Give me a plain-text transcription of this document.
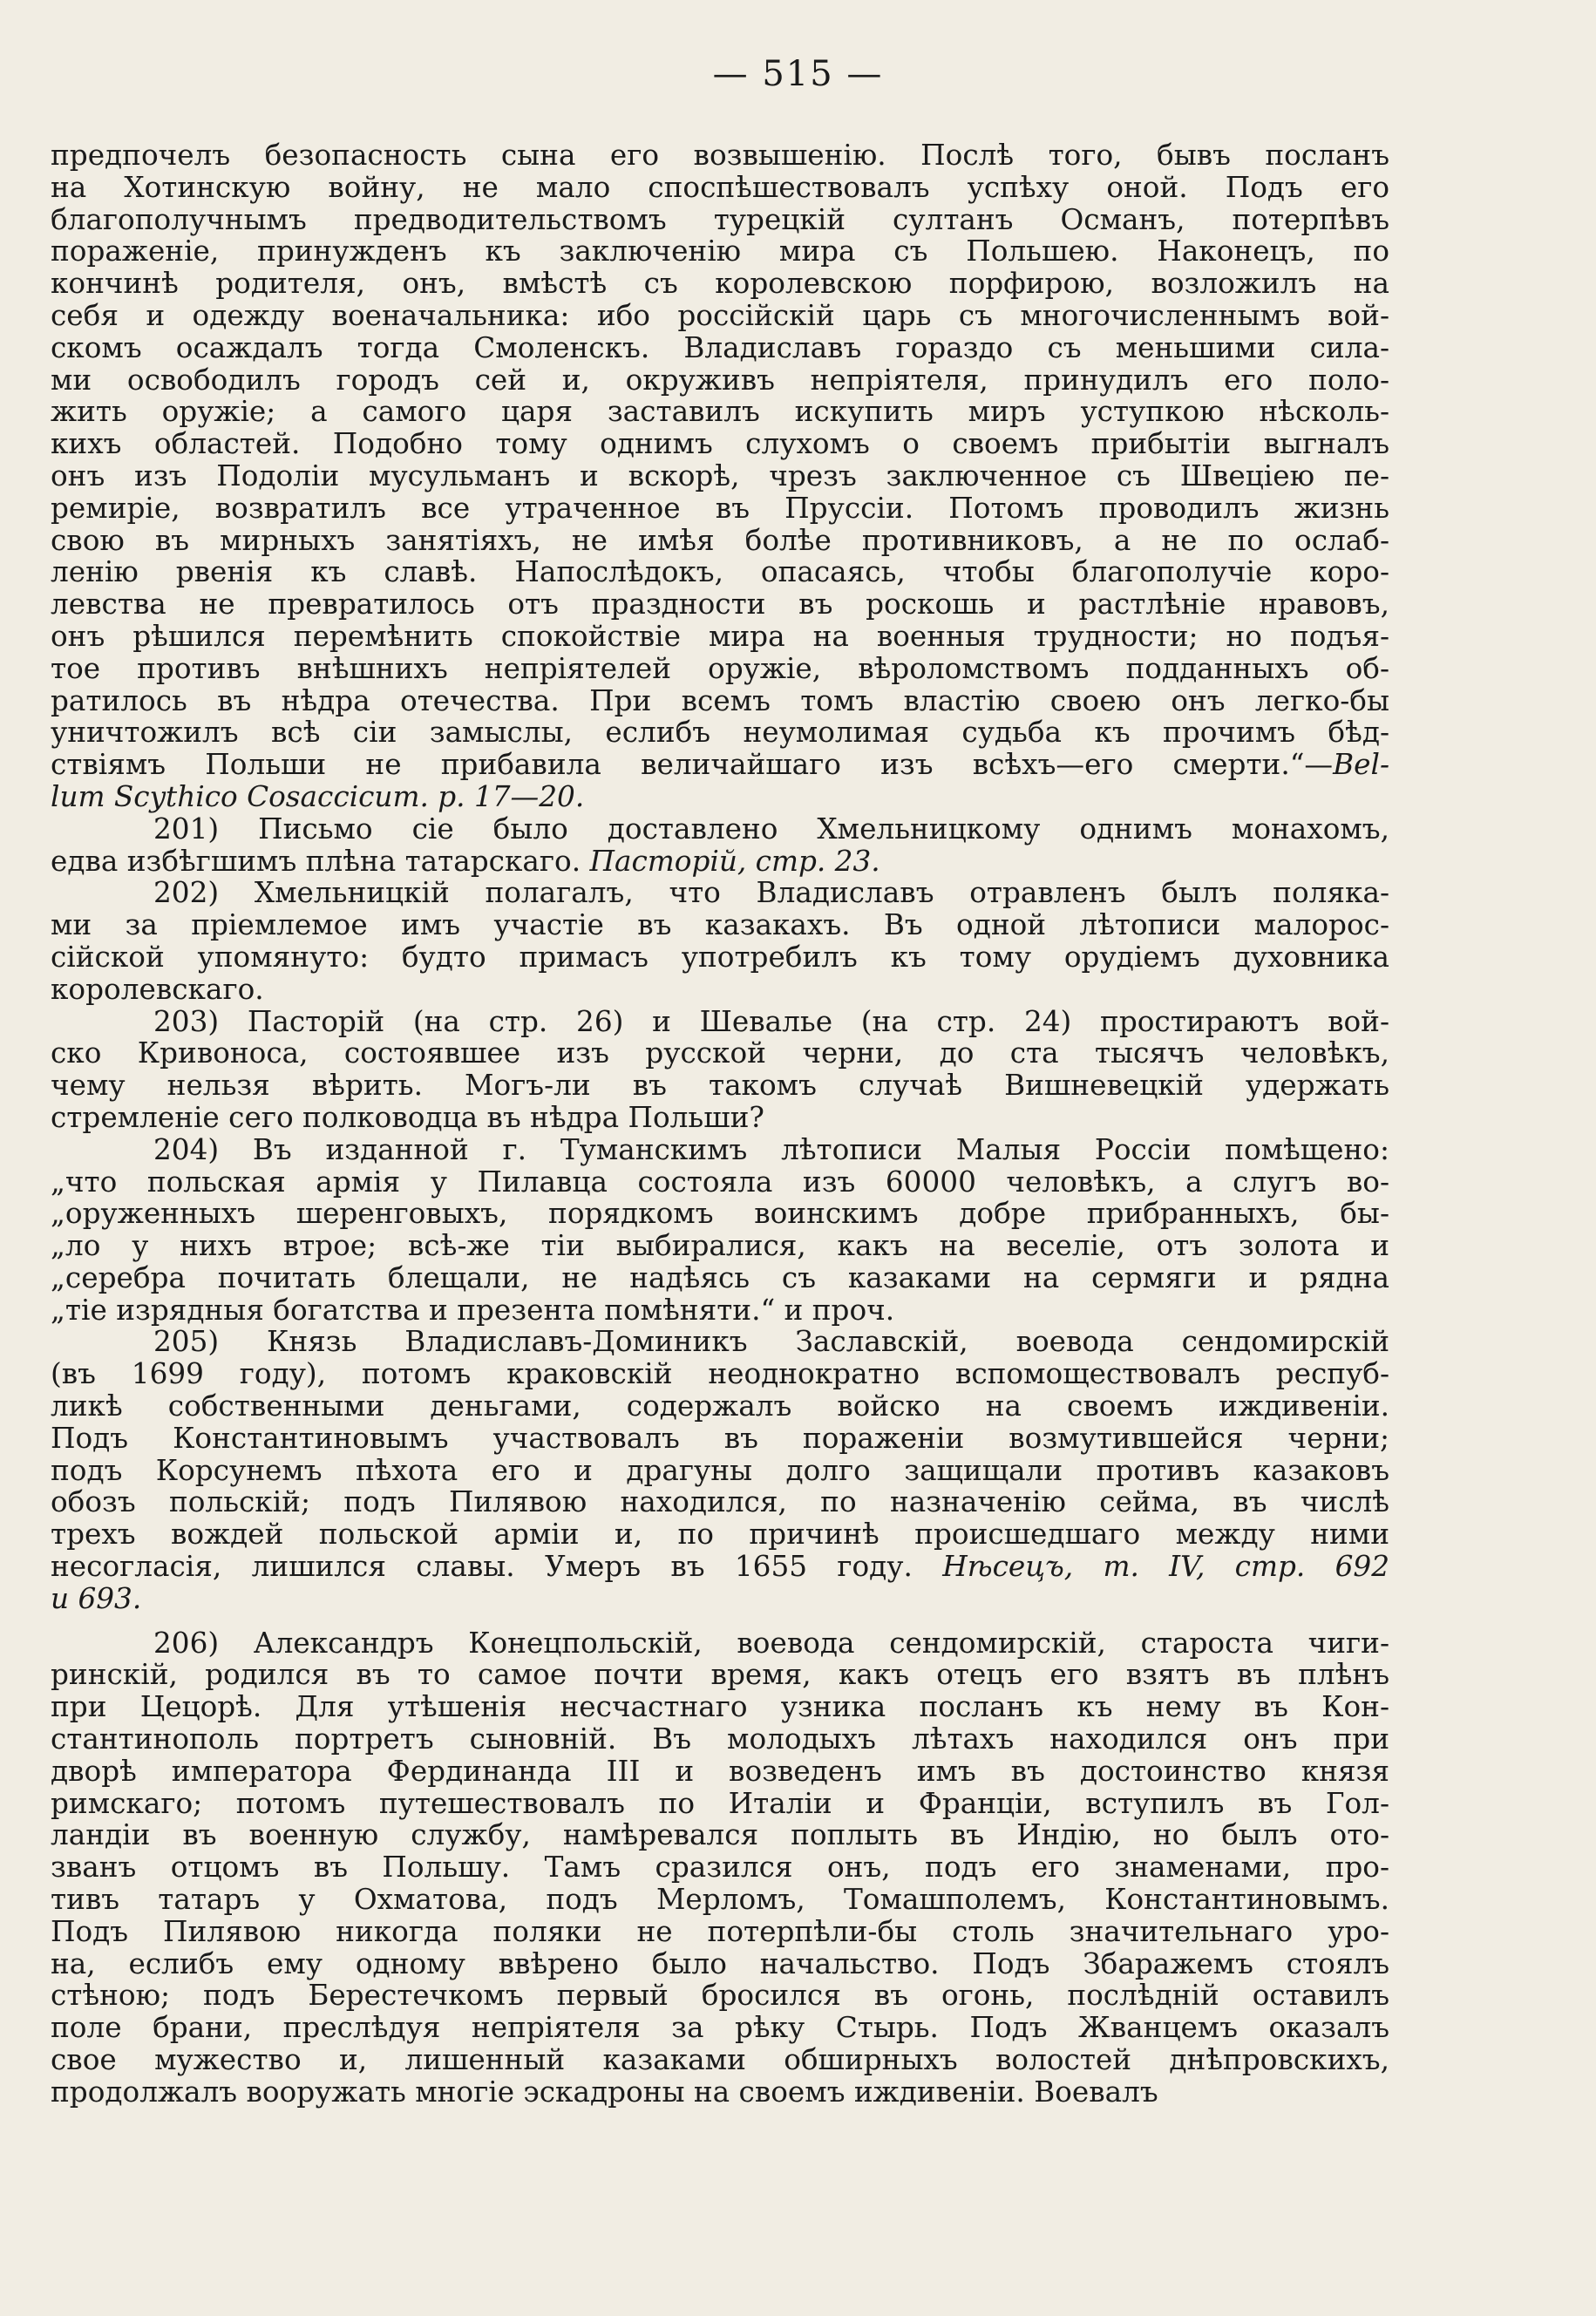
— 515 —
предпочелъ безопасность сына его возвышенію. Послѣ того, бывъ посланъ
на Хотинскую войну, не мало споспѣшествовалъ успѣху оной. Подъ его
благополучнымъ предводительствомъ турецкій султанъ Османъ, потерпѣвъ
пораженіе, принужденъ къ заключенію мира съ Польшею. Наконецъ, по
кончинѣ родителя, онъ, вмѣстѣ съ королевскою порфирою, возложилъ на
себя и одежду военачальника: ибо россійскій царь съ многочисленнымъ вой-
скомъ осаждалъ тогда Смоленскъ. Владиславъ гораздо съ меньшими сила-
ми освободилъ городъ сей и, окруживъ непріятеля, принудилъ его поло-
жить оружіе; а самого царя заставилъ искупить миръ уступкою нѣсколь-
кихъ областей. Подобно тому однимъ слухомъ о своемъ прибытіи выгналъ
онъ изъ Подоліи мусульманъ и вскорѣ, чрезъ заключенное съ Швеціею пе-
ремиріе, возвратилъ все утраченное въ Пруссіи. Потомъ проводилъ жизнь
свою въ мирныхъ занятіяхъ, не имѣя болѣе противниковъ, а не по ослаб-
ленію рвенія къ славѣ. Напослѣдокъ, опасаясь, чтобы благополучіе коро-
левства не превратилось отъ праздности въ роскошь и растлѣніе нравовъ,
онъ рѣшился перемѣнить спокойствіе мира на военныя трудности; но подъя-
тое противъ внѣшнихъ непріятелей оружіе, вѣроломствомъ подданныхъ об-
ратилось въ нѣдра отечества. При всемъ томъ властію своею онъ легко-бы
уничтожилъ всѣ сіи замыслы, еслибъ неумолимая судьба къ прочимъ бѣд-
ствіямъ Польши не прибавила величайшаго изъ всѣхъ—его смерти.“—Bel-
lum Scythico Cosaccicum. p. 17—20.
201) Письмо сіе было доставлено Хмельницкому однимъ монахомъ,
едва избѣгшимъ плѣна татарскаго. Пасторій, стр. 23.
202) Хмельницкій полагалъ, что Владиславъ отравленъ былъ поляка-
ми за пріемлемое имъ участіе въ казакахъ. Въ одной лѣтописи малорос-
сійской упомянуто: будто примасъ употребилъ къ тому орудіемъ духовника
королевскаго.
203) Пасторій (на стр. 26) и Шевалье (на стр. 24) простираютъ вой-
ско Кривоноса, состоявшее изъ русской черни, до ста тысячъ человѣкъ,
чему нельзя вѣрить. Могъ-ли въ такомъ случаѣ Вишневецкій удержать
стремленіе сего полководца въ нѣдра Польши?
204) Въ изданной г. Туманскимъ лѣтописи Малыя Россіи помѣщено:
„что польская армія у Пилавца состояла изъ 60000 человѣкъ, а слугъ во-
„оруженныхъ шеренговыхъ, порядкомъ воинскимъ добре прибранныхъ, бы-
„ло у нихъ втрое; всѣ-же тіи выбиралися, какъ на веселіе, отъ золота и
„серебра почитать блещали, не надѣясь съ казаками на сермяги и рядна
„тіе изрядныя богатства и презента помѣняти.“ и проч.
205) Князь Владиславъ-Доминикъ Заславскій, воевода сендомирскій
(въ 1699 году), потомъ краковскій неоднократно вспомоществовалъ респуб-
ликѣ собственными деньгами, содержалъ войско на своемъ иждивеніи.
Подъ Константиновымъ участвовалъ въ пораженіи возмутившейся черни;
подъ Корсунемъ пѣхота его и драгуны долго защищали противъ казаковъ
обозъ польскій; подъ Пилявою находился, по назначенію сейма, въ числѣ
трехъ вождей польской арміи и, по причинѣ происшедшаго между ними
несогласія, лишился славы. Умеръ въ 1655 году. Нѣсецъ, т. IV, стр. 692
и 693.
206) Александръ Конецпольскій, воевода сендомирскій, староста чиги-
ринскій, родился въ то самое почти время, какъ отецъ его взятъ въ плѣнъ
при Цецорѣ. Для утѣшенія несчастнаго узника посланъ къ нему въ Кон-
стантинополь портретъ сыновній. Въ молодыхъ лѣтахъ находился онъ при
дворѣ императора Фердинанда III и возведенъ имъ въ достоинство князя
римскаго; потомъ путешествовалъ по Италіи и Франціи, вступилъ въ Гол-
ландіи въ военную службу, намѣревался поплыть въ Индію, но былъ ото-
званъ отцомъ въ Польшу. Тамъ сразился онъ, подъ его знаменами, про-
тивъ татаръ у Охматова, подъ Мерломъ, Томашполемъ, Константиновымъ.
Подъ Пилявою никогда поляки не потерпѣли-бы столь значительнаго уро-
на, еслибъ ему одному ввѣрено было начальство. Подъ Збаражемъ стоялъ
стѣною; подъ Берестечкомъ первый бросился въ огонь, послѣдній оставилъ
поле брани, преслѣдуя непріятеля за рѣку Стырь. Подъ Жванцемъ оказалъ
свое мужество и, лишенный казаками обширныхъ волостей днѣпровскихъ,
продолжалъ вооружать многіе эскадроны на своемъ иждивеніи. Воевалъ
